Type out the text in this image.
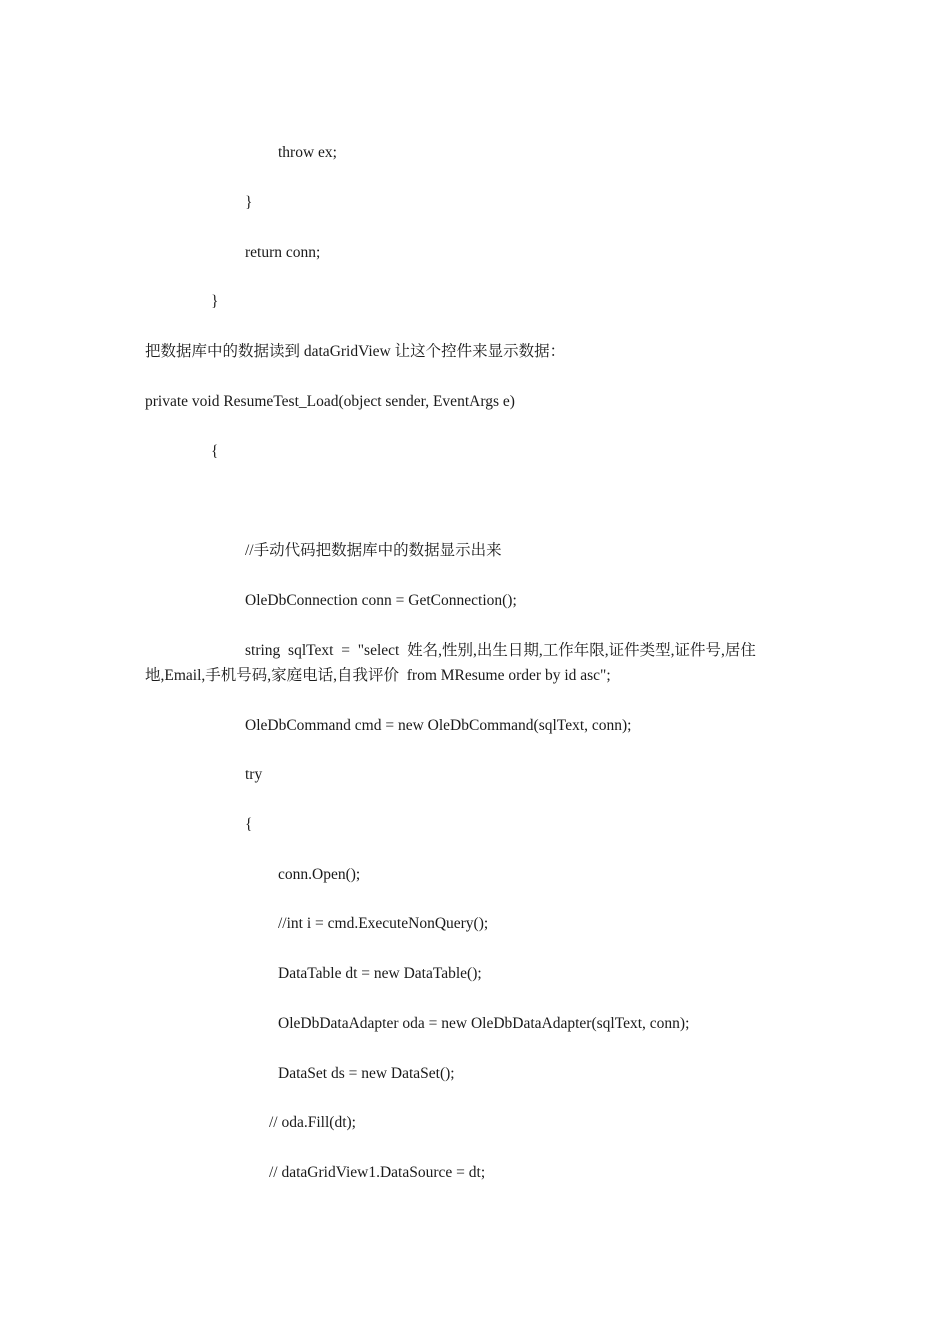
throw ex;
}
return conn;
}
把数据库中的数据读到 dataGridView 让这个控件来显示数据：
private void ResumeTest_Load(object sender, EventArgs e)
{
//手动代码把数据库中的数据显示出来
OleDbConnection conn = GetConnection();
string  sqlText  =  "select  姓名,性别,出生日期,工作年限,证件类型,证件号,居住
地,Email,手机号码,家庭电话,自我评价  from MResume order by id asc";
OleDbCommand cmd = new OleDbCommand(sqlText, conn);
try
{
conn.Open();
//int i = cmd.ExecuteNonQuery();
DataTable dt = new DataTable();
OleDbDataAdapter oda = new OleDbDataAdapter(sqlText, conn);
DataSet ds = new DataSet();
// oda.Fill(dt);
// dataGridView1.DataSource = dt;
